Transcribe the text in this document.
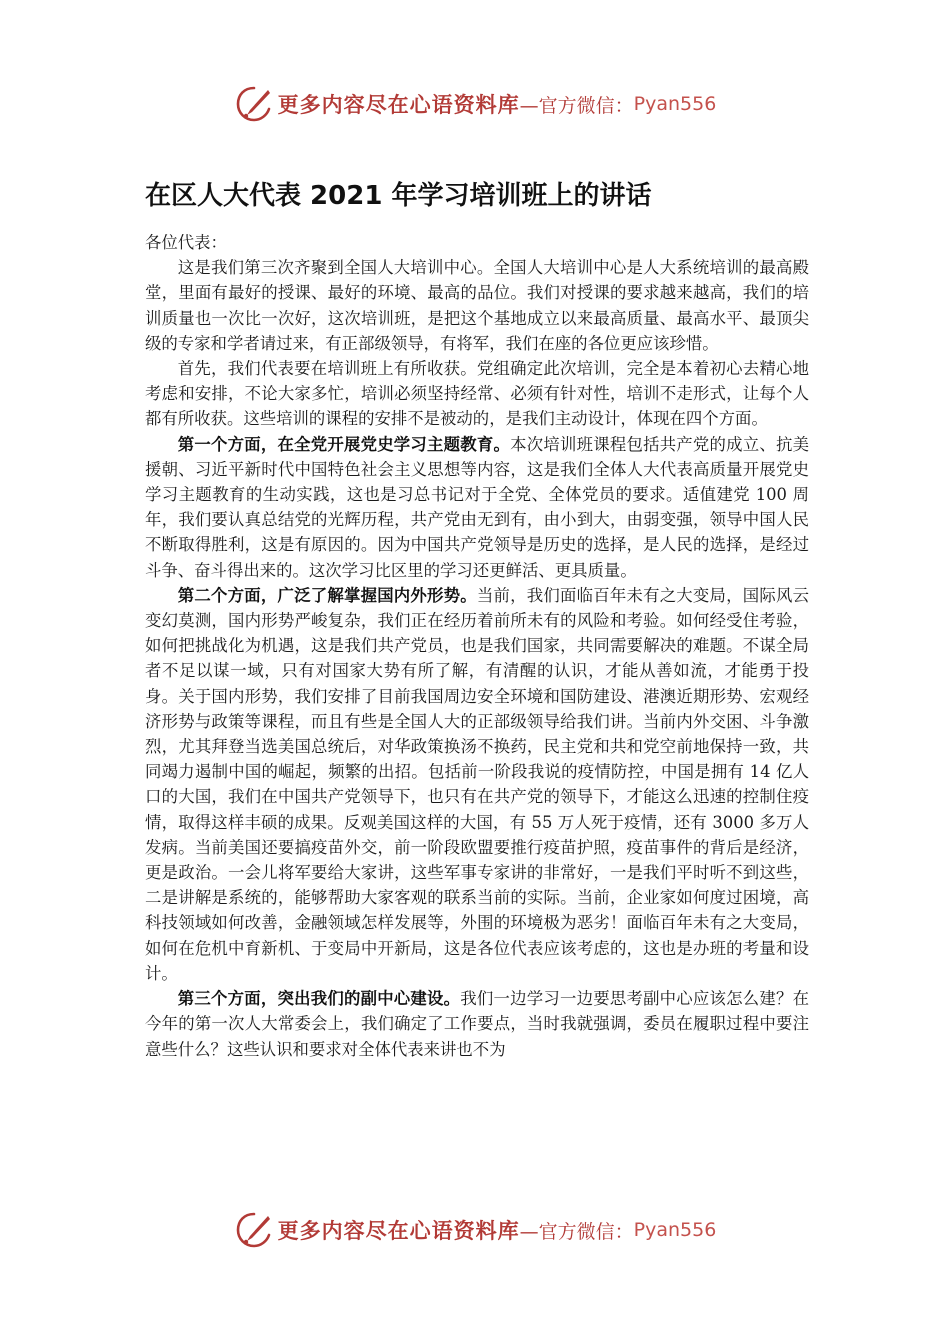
更多内容尽在心语资料库 —官方微信： Pyan556
在区人大代表 2021 年学习培训班上的讲话

各位代表：

这是我们第三次齐聚到全国人大培训中心。全国人大培训中心是人大系统培训的最高殿堂，里面有最好的授课、最好的环境、最高的品位。我们对授课的要求越来越高，我们的培训质量也一次比一次好，这次培训班，是把这个基地成立以来最高质量、最高水平、最顶尖级的专家和学者请过来，有正部级领导，有将军，我们在座的各位更应该珍惜。

首先，我们代表要在培训班上有所收获。党组确定此次培训，完全是本着初心去精心地考虑和安排，不论大家多忙，培训必须坚持经常、必须有针对性，培训不走形式，让每个人都有所收获。这些培训的课程的安排不是被动的，是我们主动设计，体现在四个方面。

第一个方面，在全党开展党史学习主题教育。本次培训班课程包括共产党的成立、抗美援朝、习近平新时代中国特色社会主义思想等内容，这是我们全体人大代表高质量开展党史学习主题教育的生动实践，这也是习总书记对于全党、全体党员的要求。适值建党 100 周年，我们要认真总结党的光辉历程，共产党由无到有，由小到大，由弱变强，领导中国人民不断取得胜利，这是有原因的。因为中国共产党领导是历史的选择，是人民的选择，是经过斗争、奋斗得出来的。这次学习比区里的学习还更鲜活、更具质量。

第二个方面，广泛了解掌握国内外形势。当前，我们面临百年未有之大变局，国际风云变幻莫测，国内形势严峻复杂，我们正在经历着前所未有的风险和考验。如何经受住考验，如何把挑战化为机遇，这是我们共产党员，也是我们国家，共同需要解决的难题。不谋全局者不足以谋一域，只有对国家大势有所了解，有清醒的认识，才能从善如流，才能勇于投身。关于国内形势，我们安排了目前我国周边安全环境和国防建设、港澳近期形势、宏观经济形势与政策等课程，而且有些是全国人大的正部级领导给我们讲。当前内外交困、斗争激烈，尤其拜登当选美国总统后，对华政策换汤不换药，民主党和共和党空前地保持一致，共同竭力遏制中国的崛起，频繁的出招。包括前一阶段我说的疫情防控，中国是拥有 14 亿人口的大国，我们在中国共产党领导下，也只有在共产党的领导下，才能这么迅速的控制住疫情，取得这样丰硕的成果。反观美国这样的大国，有 55 万人死于疫情，还有 3000 多万人发病。当前美国还要搞疫苗外交，前一阶段欧盟要推行疫苗护照，疫苗事件的背后是经济，更是政治。一会儿将军要给大家讲，这些军事专家讲的非常好，一是我们平时听不到这些，二是讲解是系统的，能够帮助大家客观的联系当前的实际。当前，企业家如何度过困境，高科技领域如何改善，金融领域怎样发展等，外围的环境极为恶劣！面临百年未有之大变局，如何在危机中育新机、于变局中开新局，这是各位代表应该考虑的，这也是办班的考量和设计。

第三个方面，突出我们的副中心建设。我们一边学习一边要思考副中心应该怎么建？在今年的第一次人大常委会上，我们确定了工作要点，当时我就强调，委员在履职过程中要注意些什么？这些认识和要求对全体代表来讲也不为

更多内容尽在心语资料库 —官方微信： Pyan556
